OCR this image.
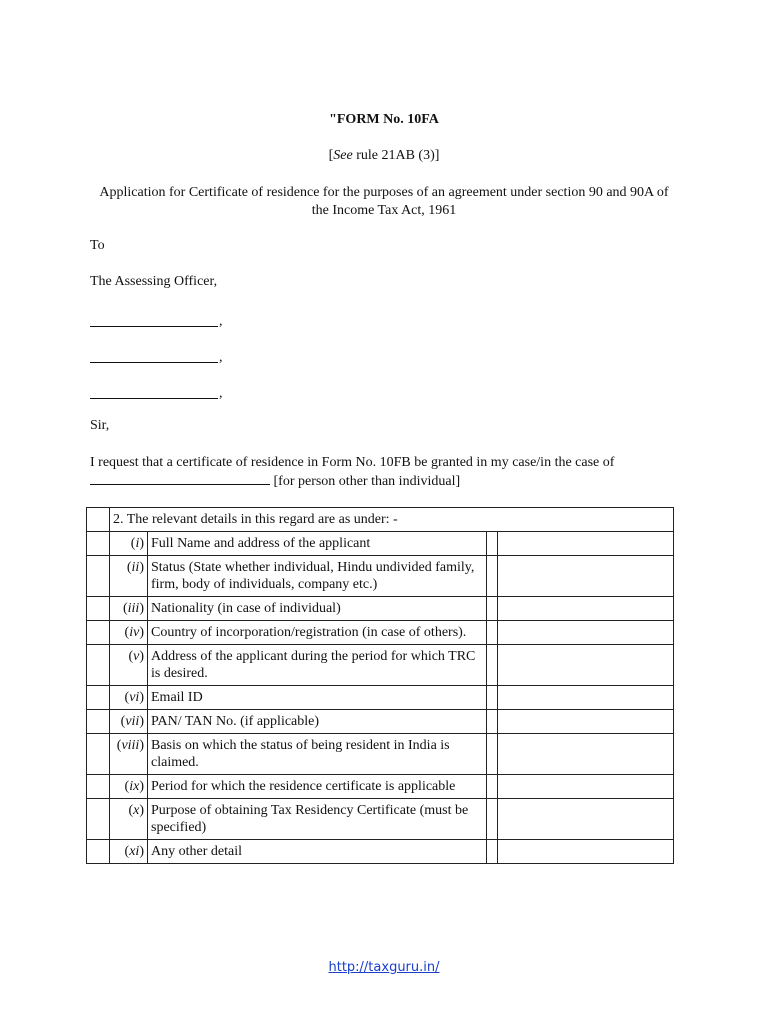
"FORM No. 10FA
[See rule 21AB (3)]
Application for Certificate of residence for the purposes of an agreement under section 90 and 90A of the Income Tax Act, 1961
To
The Assessing Officer,
,
,
,
Sir,
I request that a certificate of residence in Form No. 10FB be granted in my case/in the case of
[for person other than individual]
	2. The relevant details in this regard are as under: -			
	(i)	Full Name and address of the applicant		
	(ii)	Status (State whether individual, Hindu undivided family, firm, body of individuals, company etc.)		
	(iii)	Nationality (in case of individual)		
	(iv)	Country of incorporation/registration (in case of others).		
	(v)	Address of the applicant during the period for which TRC is desired.		
	(vi)	Email ID		
	(vii)	PAN/ TAN No. (if applicable)		
	(viii)	Basis on which the status of being resident in India is claimed.		
	(ix)	Period for which the residence certificate is applicable		
	(x)	Purpose of obtaining Tax Residency Certificate (must be specified)		
	(xi)	Any other detail		
http://taxguru.in/
